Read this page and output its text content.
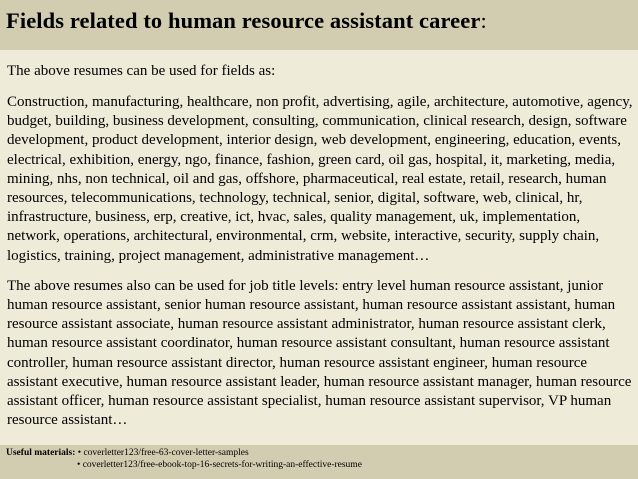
Fields related to human resource assistant career:
The above resumes can be used for fields as:
Construction, manufacturing, healthcare, non profit, advertising, agile, architecture, automotive, agency, budget, building, business development, consulting, communication, clinical research, design, software development, product development, interior design, web development, engineering, education, events, electrical, exhibition, energy, ngo, finance, fashion, green card, oil gas, hospital, it, marketing, media, mining, nhs, non technical, oil and gas, offshore, pharmaceutical, real estate, retail, research, human resources, telecommunications, technology, technical, senior, digital, software, web, clinical, hr, infrastructure, business, erp, creative, ict, hvac, sales, quality management, uk, implementation, network, operations, architectural, environmental, crm, website, interactive, security, supply chain, logistics, training, project management, administrative management…
The above resumes also can be used for job title levels: entry level human resource assistant, junior human resource assistant, senior human resource assistant, human resource assistant assistant, human resource assistant associate, human resource assistant administrator, human resource assistant clerk, human resource assistant coordinator, human resource assistant consultant, human resource assistant controller, human resource assistant director, human resource assistant engineer, human resource assistant executive, human resource assistant leader, human resource assistant manager, human resource assistant officer, human resource assistant specialist, human resource assistant supervisor, VP human resource assistant…
Useful materials: • coverletter123/free-63-cover-letter-samples
• coverletter123/free-ebook-top-16-secrets-for-writing-an-effective-resume
